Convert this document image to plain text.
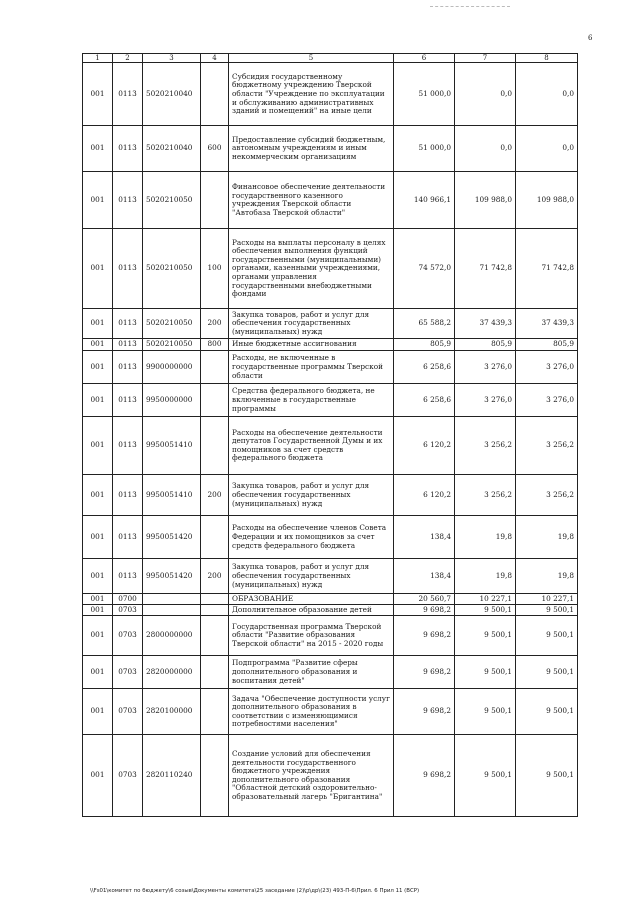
6
1	2	3	4	5	6	7	8
001	0113	5020210040		Субсидия государственному бюджетному учреждению Тверской области "Учреждение по эксплуатации и обслуживанию административных зданий и помещений" на иные цели	51 000,0	0,0	0,0
001	0113	5020210040	600	Предоставление субсидий бюджетным, автономным учреждениям и иным некоммерческим организациям	51 000,0	0,0	0,0
001	0113	5020210050		Финансовое обеспечение деятельности государственного казенного учреждения Тверской области "Автобаза Тверской области"	140 966,1	109 988,0	109 988,0
001	0113	5020210050	100	Расходы на выплаты персоналу в целях обеспечения выполнения функций государственными (муниципальными) органами, казенными учреждениями, органами управления государственными внебюджетными фондами	74 572,0	71 742,8	71 742,8
001	0113	5020210050	200	Закупка товаров, работ и услуг для обеспечения государственных (муниципальных) нужд	65 588,2	37 439,3	37 439,3
001	0113	5020210050	800	Иные бюджетные ассигнования	805,9	805,9	805,9
001	0113	9900000000		Расходы, не включенные в государственные программы Тверской области	6 258,6	3 276,0	3 276,0
001	0113	9950000000		Средства федерального бюджета, не включенные в государственные программы	6 258,6	3 276,0	3 276,0
001	0113	9950051410		Расходы на обеспечение деятельности депутатов Государственной Думы и их помощников за счет средств федерального бюджета	6 120,2	3 256,2	3 256,2
001	0113	9950051410	200	Закупка товаров, работ и услуг для обеспечения государственных (муниципальных) нужд	6 120,2	3 256,2	3 256,2
001	0113	9950051420		Расходы на обеспечение членов Совета Федерации и их помощников за счет средств федерального бюджета	138,4	19,8	19,8
001	0113	9950051420	200	Закупка товаров, работ и услуг для обеспечения государственных (муниципальных) нужд	138,4	19,8	19,8
001	0700			ОБРАЗОВАНИЕ	20 560,7	10 227,1	10 227,1
001	0703			Дополнительное образование детей	9 698,2	9 500,1	9 500,1
001	0703	2800000000		Государственная программа Тверской области "Развитие образования Тверской области" на 2015 - 2020 годы	9 698,2	9 500,1	9 500,1
001	0703	2820000000		Подпрограмма "Развитие сферы дополнительного образования и воспитания детей"	9 698,2	9 500,1	9 500,1
001	0703	2820100000		Задача "Обеспечение доступности услуг дополнительного образования в соответствии с изменяющимися потребностями населения"	9 698,2	9 500,1	9 500,1
001	0703	2820110240		Создание условий для обеспечения деятельности государственного бюджетного учреждения дополнительного образования "Областной детский оздоровительно-образовательный лагерь "Бригантина"	9 698,2	9 500,1	9 500,1
\\Fs01\комитет по бюджету\6 созыв\Документы комитета\25 заседание (2)\р\др\(23) 493-П-6\Прил. 6 Прил 11 (ВСР)
